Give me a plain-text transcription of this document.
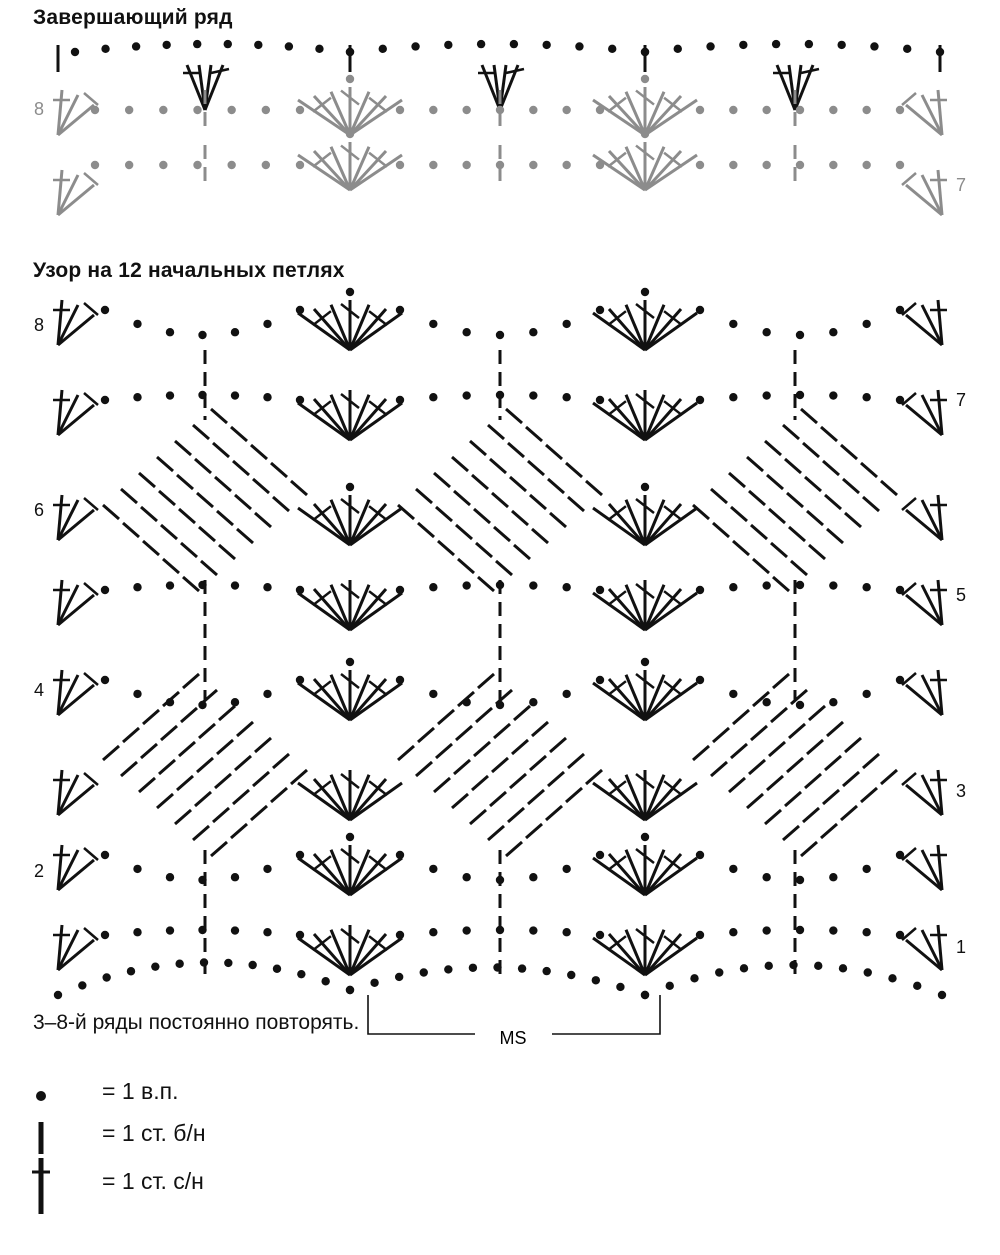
Завершающий ряд
Узор на 12 начальных петлях
8
7
8
6
4
2
7
5
3
1
MS
3–8-й ряды постоянно повторять.
= 1 в.п.
= 1 ст. б/н
= 1 ст. с/н
